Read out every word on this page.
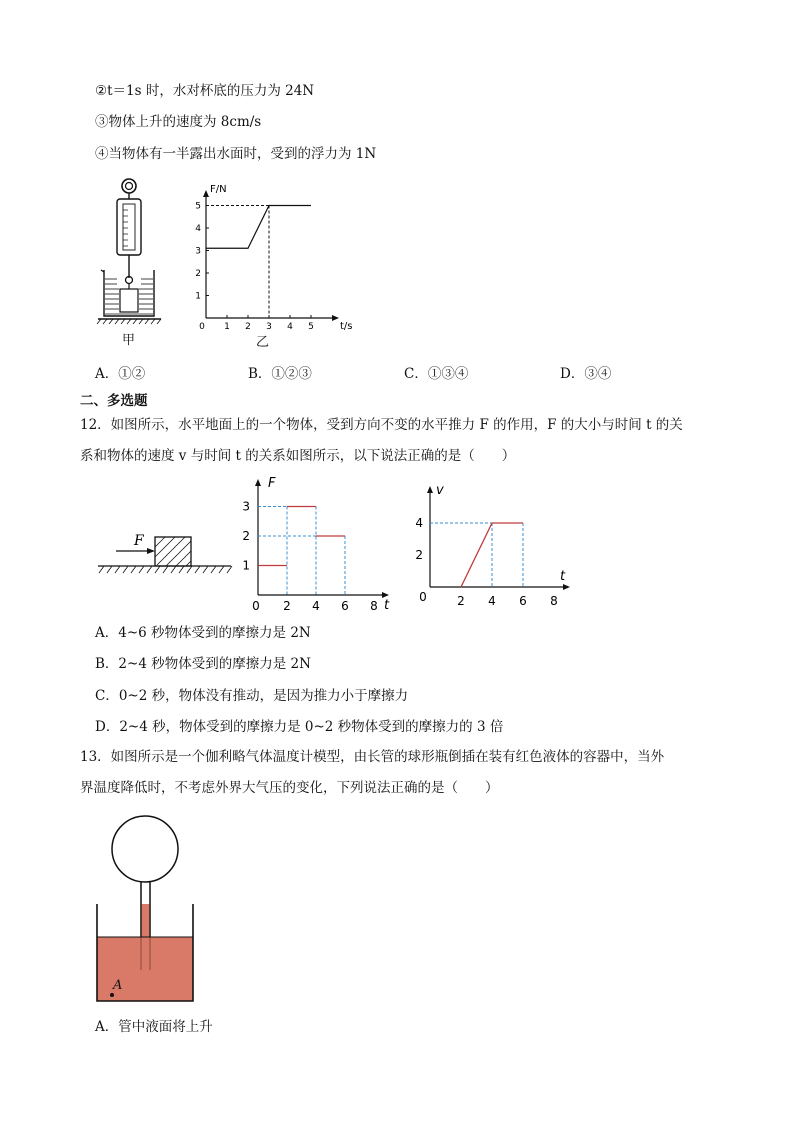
②t＝1s 时，水对杯底的压力为 24N
③物体上升的速度为 8cm/s
④当物体有一半露出水面时，受到的浮力为 1N
甲
F/N
t/s
0 1 2 3 4 5
1
2
3
4
5
乙
A．①②	B．①②③	C．①③④	D．③④
二、多选题
12．如图所示，水平地面上的一个物体，受到方向不变的水平推力 F 的作用，F 的大小与时间 t 的关
系和物体的速度 v 与时间 t 的关系如图所示，以下说法正确的是（　　）
F
F
t
0 2 4 6 8
1
2
3
v
t
0	2 4 6 8
2
4
A．4~6 秒物体受到的摩擦力是 2N
B．2~4 秒物体受到的摩擦力是 2N
C．0~2 秒，物体没有推动，是因为推力小于摩擦力
D．2~4 秒，物体受到的摩擦力是 0~2 秒物体受到的摩擦力的 3 倍
13．如图所示是一个伽利略气体温度计模型，由长管的球形瓶倒插在装有红色液体的容器中，当外
界温度降低时，不考虑外界大气压的变化，下列说法正确的是（　　）
A
A．管中液面将上升
